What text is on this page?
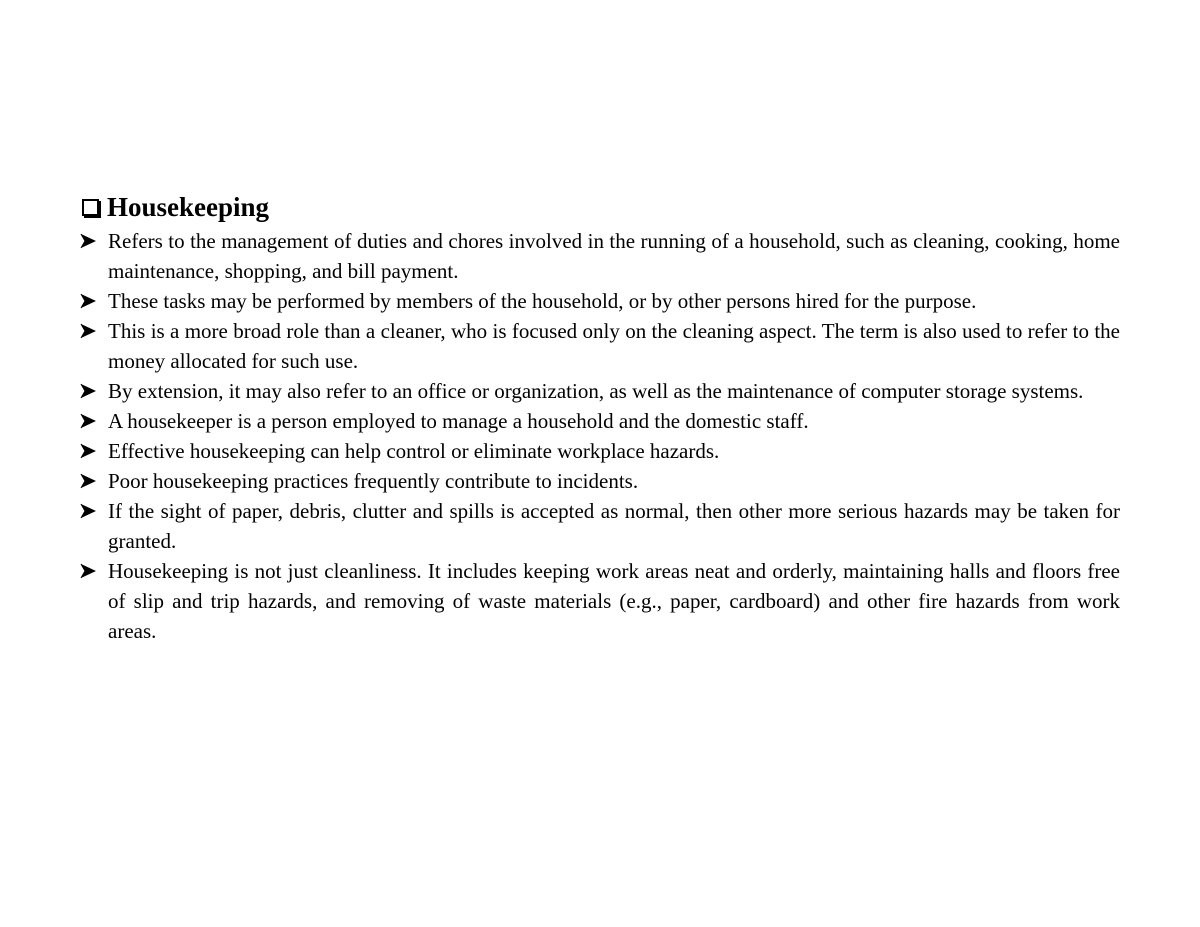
Housekeeping
Refers to the management of duties and chores involved in the running of a household, such as cleaning, cooking, home maintenance, shopping, and bill payment.
These tasks may be performed by members of the household, or by other persons hired for the purpose.
This is a more broad role than a cleaner, who is focused only on the cleaning aspect. The term is also used to refer to the money allocated for such use.
By extension, it may also refer to an office or organization, as well as the maintenance of computer storage systems.
A housekeeper is a person employed to manage a household and the domestic staff.
Effective housekeeping can help control or eliminate workplace hazards.
Poor housekeeping practices frequently contribute to incidents.
If the sight of paper, debris, clutter and spills is accepted as normal, then other more serious hazards may be taken for granted.
Housekeeping is not just cleanliness. It includes keeping work areas neat and orderly, maintaining halls and floors free of slip and trip hazards, and removing of waste materials (e.g., paper, cardboard) and other fire hazards from work areas.
